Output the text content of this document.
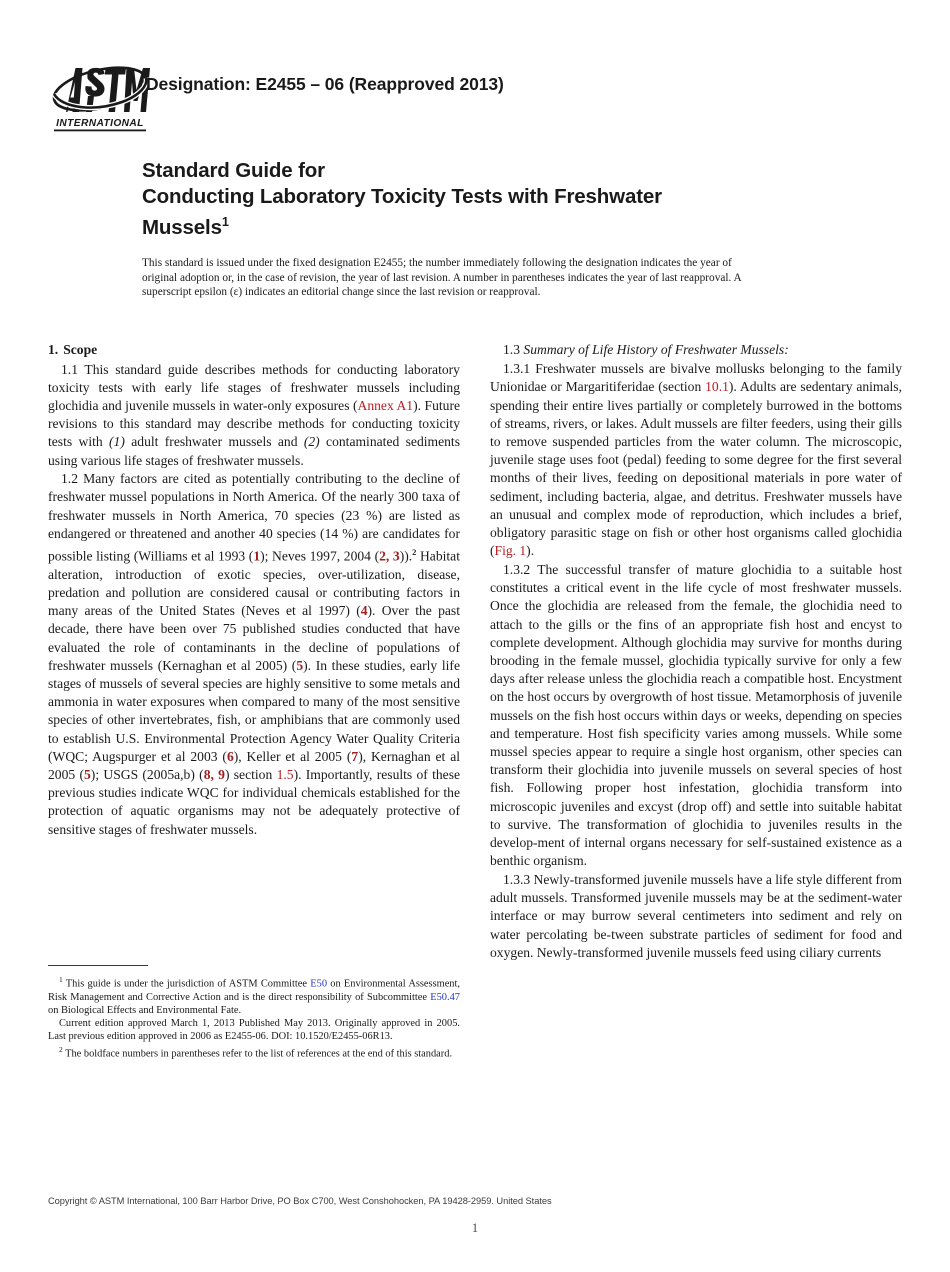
INTERNATIONAL
Designation: E2455 – 06 (Reapproved 2013)
Standard Guide for
Conducting Laboratory Toxicity Tests with Freshwater
Mussels$^1$
This standard is issued under the fixed designation E2455; the number immediately following the designation indicates the year of
original adoption or, in the case of revision, the year of last revision. A number in parentheses indicates the year of last reapproval. A
superscript epsilon (ε) indicates an editorial change since the last revision or reapproval.
1. Scope

1.1 This standard guide describes methods for conducting laboratory toxicity tests with early life stages of freshwater mussels including glochidia and juvenile mussels in water-only exposures (Annex A1). Future revisions to this standard may describe methods for conducting toxicity tests with (1) adult freshwater mussels and (2) contaminated sediments using various life stages of freshwater mussels.

1.2 Many factors are cited as potentially contributing to the decline of freshwater mussel populations in North America. Of the nearly 300 taxa of freshwater mussels in North America, 70 species (23 %) are listed as endangered or threatened and another 40 species (14 %) are candidates for possible listing (Williams et al 1993 (1); Neves 1997, 2004 (2, 3)).$^2$ Habitat alteration, introduction of exotic species, over-utilization, disease, predation and pollution are considered causal or contributing factors in many areas of the United States (Neves et al 1997) (4). Over the past decade, there have been over 75 published studies conducted that have evaluated the role of contaminants in the decline of populations of freshwater mussels (Kernaghan et al 2005) (5). In these studies, early life stages of mussels of several species are highly sensitive to some metals and ammonia in water exposures when compared to many of the most sensitive species of other invertebrates, fish, or amphibians that are commonly used to establish U.S. Environmental Protection Agency Water Quality Criteria (WQC; Augspurger et al 2003 (6), Keller et al 2005 (7), Kernaghan et al 2005 (5); USGS (2005a,b) (8, 9) section 1.5). Importantly, results of these previous studies indicate WQC for individual chemicals established for the protection of aquatic organisms may not be adequately protective of sensitive stages of freshwater mussels.

1.3 Summary of Life History of Freshwater Mussels:

1.3.1 Freshwater mussels are bivalve mollusks belonging to the family Unionidae or Margaritiferidae (section 10.1). Adults are sedentary animals, spending their entire lives partially or completely burrowed in the bottoms of streams, rivers, or lakes. Adult mussels are filter feeders, using their gills to remove suspended particles from the water column. The microscopic, juvenile stage uses foot (pedal) feeding to some degree for the first several months of their lives, feeding on depositional materials in pore water of sediment, including bacteria, algae, and detritus. Freshwater mussels have an unusual and complex mode of reproduction, which includes a brief, obligatory parasitic stage on fish or other host organisms called glochidia (Fig. 1).

1.3.2 The successful transfer of mature glochidia to a suitable host constitutes a critical event in the life cycle of most freshwater mussels. Once the glochidia are released from the female, the glochidia need to attach to the gills or the fins of an appropriate fish host and encyst to complete development. Although glochidia may survive for months during brooding in the female mussel, glochidia typically survive for only a few days after release unless the glochidia reach a compatible host. Encystment on the host occurs by overgrowth of host tissue. Metamorphosis of juvenile mussels on the fish host occurs within days or weeks, depending on species and temperature. Host fish specificity varies among mussels. While some mussel species appear to require a single host organism, other species can transform their glochidia into juvenile mussels on several species of host fish. Following proper host infestation, glochidia transform into microscopic juveniles and excyst (drop off) and settle into suitable habitat to survive. The transformation of glochidia to juveniles results in the develop-ment of internal organs necessary for self-sustained existence as a benthic organism.

1.3.3 Newly-transformed juvenile mussels have a life style different from adult mussels. Transformed juvenile mussels may be at the sediment-water interface or may burrow several centimeters into sediment and rely on water percolating be-tween substrate particles of sediment for food and oxygen. Newly-transformed juvenile mussels feed using ciliary currents

$^1$ This guide is under the jurisdiction of ASTM Committee E50 on Environmental Assessment, Risk Management and Corrective Action and is the direct responsibility of Subcommittee E50.47 on Biological Effects and Environmental Fate.

Current edition approved March 1, 2013 Published May 2013. Originally approved in 2005. Last previous edition approved in 2006 as E2455-06. DOI: 10.1520/E2455-06R13.

$^2$ The boldface numbers in parentheses refer to the list of references at the end of this standard.

Copyright © ASTM International, 100 Barr Harbor Drive, PO Box C700, West Conshohocken, PA 19428-2959. United States
1
